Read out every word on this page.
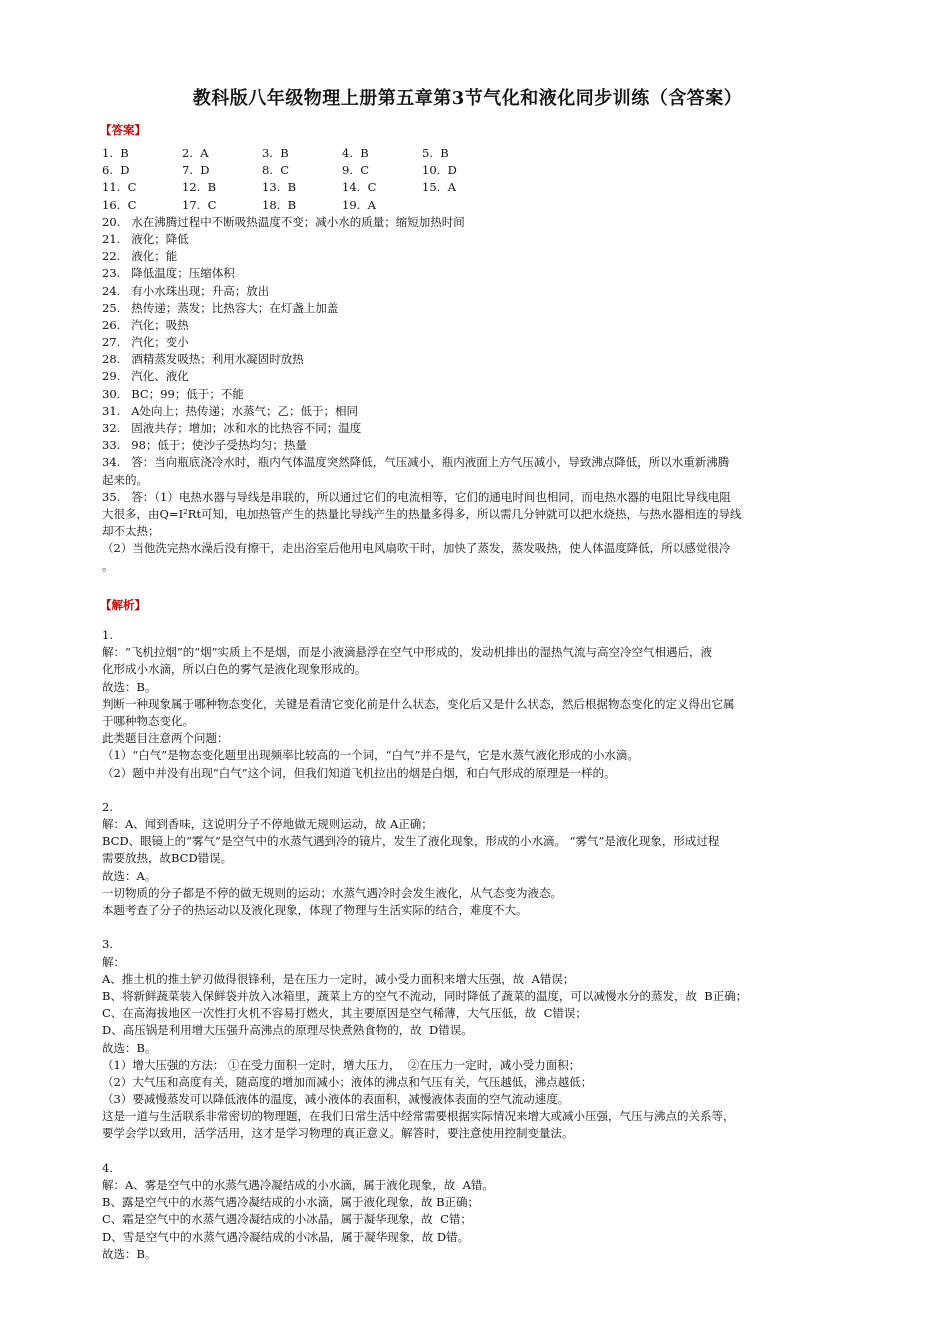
教科版八年级物理上册第五章第3节气化和液化同步训练（含答案）
【答案】
1.  B	2.  A	3.  B	4.  B	5.  B
6.  D	7.  D	8.  C	9.  C	10.  D
11.  C	12.  B	13.  B	14.  C	15.  A
16.  C	17.  C	18.  B	19.  A
20.   水在沸腾过程中不断吸热温度不变；减小水的质量；缩短加热时间
21.   液化；降低
22.   液化；能
23.   降低温度；压缩体积
24.   有小水珠出现；升高；放出
25.   热传递；蒸发；比热容大；在灯盏上加盖
26.   汽化；吸热
27.   汽化；变小
28.   酒精蒸发吸热；利用水凝固时放热
29.   汽化、液化
30.   BC；99；低于；不能
31.   A处向上；热传递；水蒸气；乙；低于；相同
32.   固液共存；增加；冰和水的比热容不同；温度
33.   98；低于；使沙子受热均匀；热量
34.   答：当向瓶底浇冷水时，瓶内气体温度突然降低，气压减小，瓶内液面上方气压减小，导致沸点降低，所以水重新沸腾
起来的。
35.   答：（1）电热水器与导线是串联的，所以通过它们的电流相等，它们的通电时间也相同，而电热水器的电阻比导线电阻
大很多，由Q=I²Rt可知，电加热管产生的热量比导线产生的热量多得多，所以需几分钟就可以把水烧热，与热水器相连的导线
却不太热；
（2）当他洗完热水澡后没有擦干，走出浴室后他用电风扇吹干时，加快了蒸发，蒸发吸热，使人体温度降低，所以感觉很冷
。
【解析】
1.
解：“飞机拉烟”的“烟”实质上不是烟，而是小液滴悬浮在空气中形成的，发动机排出的湿热气流与高空冷空气相遇后，液
化形成小水滴，所以白色的雾气是液化现象形成的。
故选：B。
判断一种现象属于哪种物态变化，关键是看清它变化前是什么状态，变化后又是什么状态，然后根据物态变化的定义得出它属
于哪种物态变化。
此类题目注意两个问题：
（1）“白气”是物态变化题里出现频率比较高的一个词，“白气”并不是气，它是水蒸气液化形成的小水滴。
（2）题中并没有出现“白气”这个词，但我们知道飞机拉出的烟是白烟，和白气形成的原理是一样的。
2.
解：A、闻到香味，这说明分子不停地做无规则运动，故 A正确；
BCD、眼镜上的“雾气”是空气中的水蒸气遇到冷的镜片，发生了液化现象，形成的小水滴。 “雾气”是液化现象，形成过程
需要放热，故BCD错误。
故选：A。
一切物质的分子都是不停的做无规则的运动；水蒸气遇冷时会发生液化，从气态变为液态。
本题考查了分子的热运动以及液化现象，体现了物理与生活实际的结合，难度不大。
3.
解：
A、推土机的推土铲刃做得很锋利，是在压力一定时，减小受力面积来增大压强，故  A错误；
B、将新鲜蔬菜装入保鲜袋并放入冰箱里，蔬菜上方的空气不流动，同时降低了蔬菜的温度，可以减慢水分的蒸发，故  B正确；
C、在高海拔地区一次性打火机不容易打燃火，其主要原因是空气稀薄，大气压低，故  C错误；
D、高压锅是利用增大压强升高沸点的原理尽快煮熟食物的，故  D错误。
故选：B。
（1）增大压强的方法： ①在受力面积一定时，增大压力，  ②在压力一定时，减小受力面积；
（2）大气压和高度有关，随高度的增加而减小；液体的沸点和气压有关，气压越低，沸点越低；
（3）要减慢蒸发可以降低液体的温度，减小液体的表面积，减慢液体表面的空气流动速度。
这是一道与生活联系非常密切的物理题，在我们日常生活中经常需要根据实际情况来增大或减小压强，气压与沸点的关系等，
要学会学以致用，活学活用，这才是学习物理的真正意义。解答时，要注意使用控制变量法。
4.
解：A、雾是空气中的水蒸气遇冷凝结成的小水滴，属于液化现象，故  A错。
B、露是空气中的水蒸气遇冷凝结成的小水滴，属于液化现象，故 B正确；
C、霜是空气中的水蒸气遇冷凝结成的小冰晶，属于凝华现象，故  C错；
D、雪是空气中的水蒸气遇冷凝结成的小冰晶，属于凝华现象，故 D错。
故选：B。
